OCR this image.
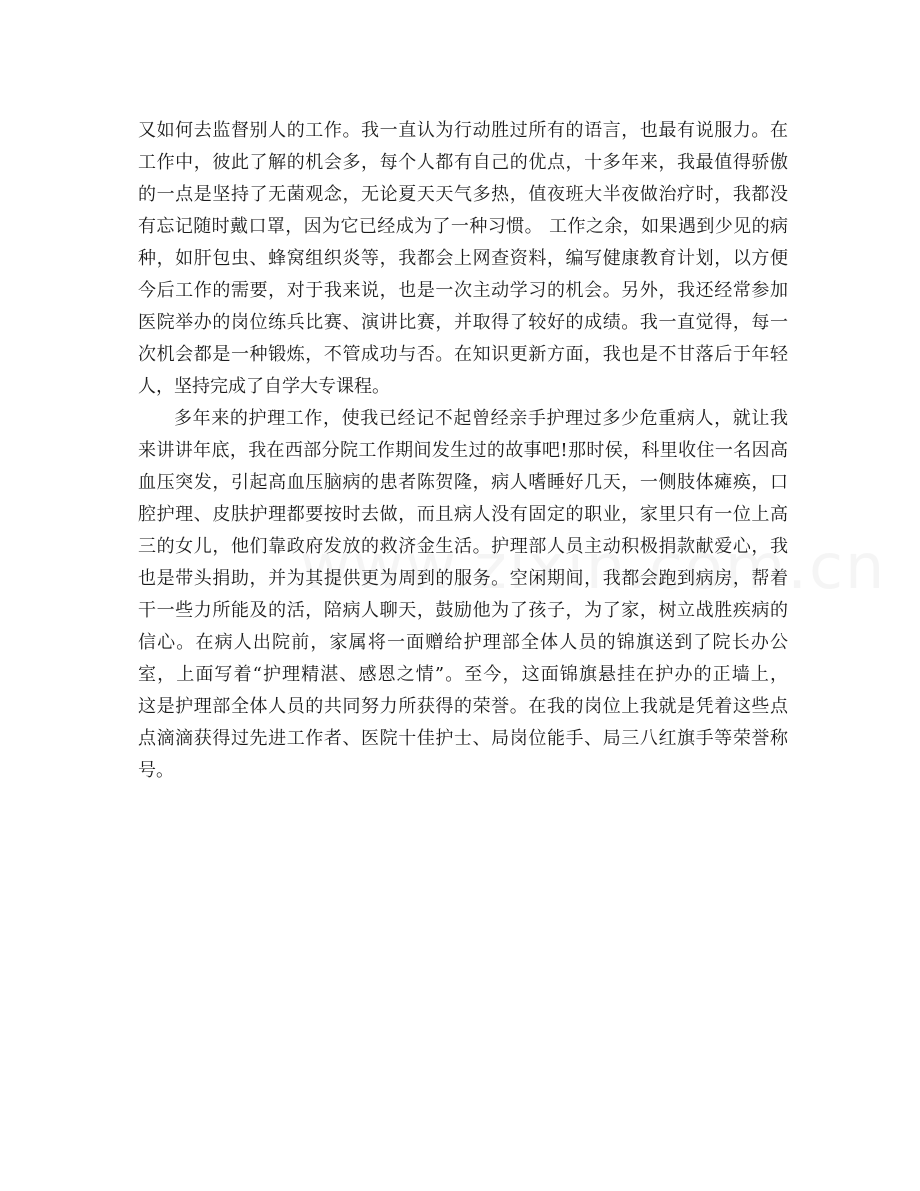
又如何去监督别人的工作。我一直认为行动胜过所有的语言，也最有说服力。在
工作中，彼此了解的机会多，每个人都有自己的优点，十多年来，我最值得骄傲
的一点是坚持了无菌观念，无论夏天天气多热，值夜班大半夜做治疗时，我都没
有忘记随时戴口罩，因为它已经成为了一种习惯。 工作之余，如果遇到少见的病
种，如肝包虫、蜂窝组织炎等，我都会上网查资料，编写健康教育计划，以方便
今后工作的需要，对于我来说，也是一次主动学习的机会。另外，我还经常参加
医院举办的岗位练兵比赛、演讲比赛，并取得了较好的成绩。我一直觉得，每一
次机会都是一种锻炼，不管成功与否。在知识更新方面，我也是不甘落后于年轻
人，坚持完成了自学大专课程。
多年来的护理工作，使我已经记不起曾经亲手护理过多少危重病人，就让我
来讲讲年底，我在西部分院工作期间发生过的故事吧!那时侯，科里收住一名因高
血压突发，引起高血压脑病的患者陈贺隆，病人嗜睡好几天，一侧肢体瘫痪，口
腔护理、皮肤护理都要按时去做，而且病人没有固定的职业，家里只有一位上高
三的女儿，他们靠政府发放的救济金生活。护理部人员主动积极捐款献爱心，我
也是带头捐助，并为其提供更为周到的服务。空闲期间，我都会跑到病房，帮着
干一些力所能及的活，陪病人聊天，鼓励他为了孩子，为了家，树立战胜疾病的
信心。在病人出院前，家属将一面赠给护理部全体人员的锦旗送到了院长办公
室，上面写着“护理精湛、感恩之情”。至今，这面锦旗悬挂在护办的正墙上，
这是护理部全体人员的共同努力所获得的荣誉。在我的岗位上我就是凭着这些点
点滴滴获得过先进工作者、医院十佳护士、局岗位能手、局三八红旗手等荣誉称
号。
